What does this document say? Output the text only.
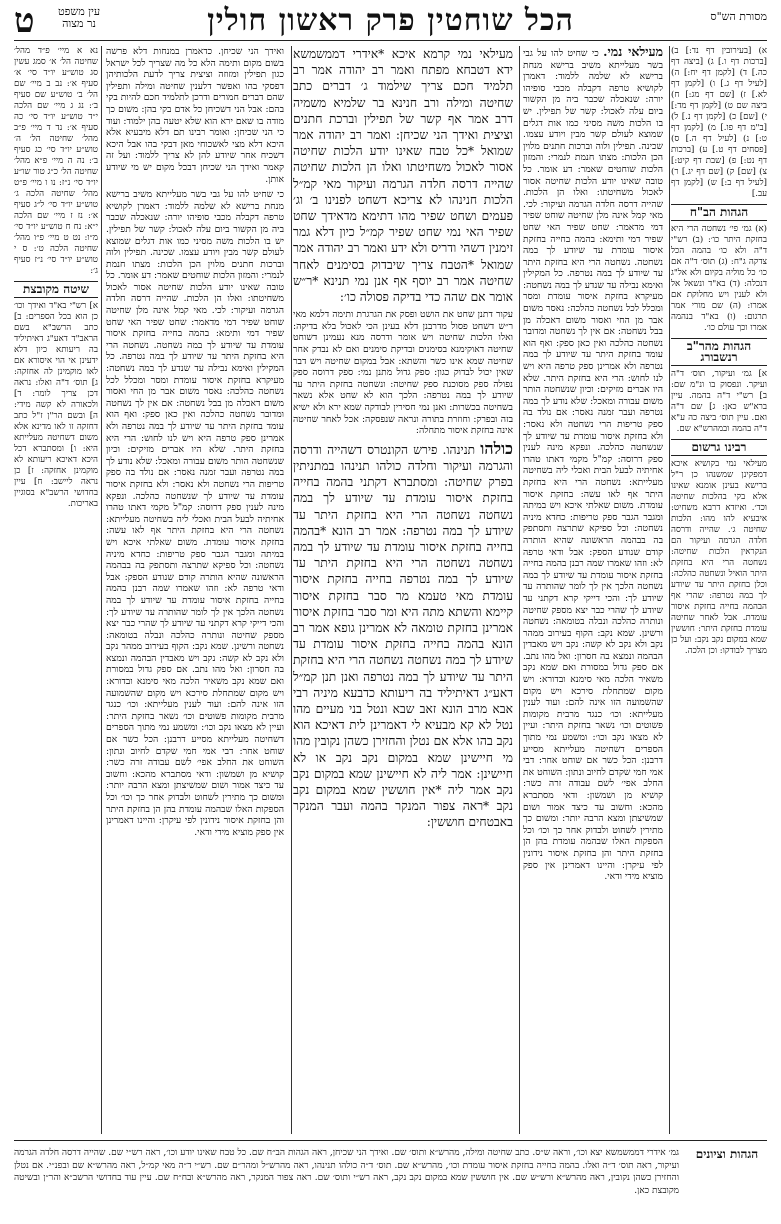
מסורת הש"ס
הכל שוחטין פרק ראשון חולין
עין משפט
נר מצוה
ט
א) [בעירובין דף נד:] ב) [ברכות דף ו.] ג) [ביצה דף כה.] ד) [לקמן דף יח:] ה) [לעיל דף ג.] ו) [לקמן דף לא.] ז) [שם דף מג:] ח) ביצה שם ט) [לקמן דף מד:] י) [שם] כ) [לקמן דף נ.] ל) [ב"מ דף פו.] מ) [לקמן דף ט:] נ) [לעיל דף ה.] ס) [פסחים דף ט.] ע) [ברכות דף נט:] פ) [שבת דף קיט:] צ) [שם] ק) [שם דף יג.] ר) [לעיל דף ב:] ש) [לקמן דף עב.]
הגהות הב"ח
(א) גמ׳ פי׳ נשחטה הרי היא בחזקת היתר כו׳: (ב) רש"י ד"ה ולא כו׳ בהמה הכל צדקה ג"ח: (ג) תוס׳ ד"ה אם כו׳ כל מוליה בקיום ולא אל"ג דנכלה: (ד) בא"ד ונשאל אל ולא לענין ויש מחלוקת אם אמרו: (ה) שם מורי אמר תרגום: (ו) בא"ד בנהמה אמרו וכך עולם כו׳.
הגהות מהר"ב רנשבורג
א] גמ׳ ועיקור, תוס׳ ד"ה ועיקר. ונפסוק בו ונ"מ שם: ב] רש"י ד"ה בהמה. עיין ברא"ש כאן: ג] שם ד"ה ואם. עיין תוס׳ ביצה כה ע"א ד"ה בהמה ובמהרש"א שם.
רבינו גרשום
מעילאי נמי בקושיא איכא דמפקינן שמשנהו כן ר"ל ברישא בעינן אומנא שאינו אלא בקי בהלכות שחיטה וכד׳. ואיזדא דרבא משחיט: איבעיא להו מהו: הלכות שחיטה ג׳. שהייה ודרסה חלדה הגרמה ועיקור הם הנקראין הלכות שחיטה: נשחטה הרי היא בחזקת היתר הואיל ונשחטה כהלכה: וכלן בחזקת היתר עד שיודע לך במה נטרפה: שהרי אף הבהמה בחייה בחזקת איסור עומדת. אבל לאחר שחיטה עומדת בחזקת היתר: חוששין שמא במקום נקב נקב: ועל כן מצריך לבודקו: וכן הלכה.
מעילאי נמי. כי שחיט להו על גבי בשר מעלייתא משיב ברישא מנחת ברישא לא שלמה ללמוד: דאמרן לקושיא טרפה דקבלה מכבי סופיהו יורה: שנאכלה שכבר ביה מן הקשור ביום עלה לאכול: קשר של תפילין. יש בו הלכות משה מסיני כמו אות דגלים שמוצא לעולם קשר מבין ויודע עצמו. שכינה. תפילין ולוה וברכות חתנים מלוין הכן הלכות: מצתו חנמת לנמרי: והמזון הלכות שוחטים שאמר: דע אומר. כל טובה שאינו יודע הלכות שחיטה אסור לאכול משחיטתו: ואלו הן הלכות. שהייה דרסה חלדה הגרמה ועיקור: לכי. מאי קמל אינה מלן שחיטה שוחט שפיר דמי מדאמר: שחט שפיר האי שחט שפיר דמי ותימא: בהמה בחייה בחזקת איסור עומדת עד שיודע לך במה נשחטה. נשחטה הרי היא בחזקת היתר עד שיודע לך במה נטרפה. כל המקילין ואימא נבילה עד שנדע לך במה נשחטה: מעיקרא בחזקת איסור עומדת ומסר ומכלל לכל נשחטה כהלכה: נאסר משום אבר מן החי ואסור משום דאכלה מן בבל נשחטה: אם אין לך נשחטה ומדובר נשחטה כהלכה ואין כאן ספק: ואף הוא עומד בחזקת היתר עד שיודע לך במה נטרפה ולא אמרינן ספק טרפה היא ויש לנו לחוש: הרי היא בחזקת היתר. שלא היו אברים מזיקים: וכיון שנשחטה הותר משום עבורה ומאכל: שלא נודע לך במה נטרפה ועבר זמנה נאסר: אם נולד בה ספק טריפות הרי נשחטה ולא נאסר: ולא בחזקת איסור עומדת עד שיודע לך שנשחטה כהלכה. ונפקא מינה לענין ספק דרוסה: קמ"ל מקמי דאתו טהרו אחיתיה לבעל הבית ואכלי ליה בשחיטה מעלייתא: נשחטה הרי היא בחזקת היתר אף לאו עשה: בחזקת איסור עומדת. משום שאלתי איכא ויש במיתה ומגבר הגבר ספק טריפות: כחדא מיניה נשחטה: וכל ספיקא שתרצה ותסתפק בה בבהמה הראשונה שהיא הותרה קודם שנודע הספק: אבל ודאי טרפה לא: וזהו שאמרו שמה רבנן בהמה בחייה בחזקת איסור עומדת עד שיודע לך במה נשחטה הלכך אין לך לומר שהותרה עד שיודע לך: והכי דייקי קרא דקתני עד שיודע לך שהרי כבר יצא מספק שחיטה ונותרה כהלכה ונבלה בטומאה: נשחטה ורשינן. שמא נקב: הקוף בעירוב ממהר נקב ולא נקב לא קשה: נקב ויש מאבדין הבהמה ונמצא בה חסרון: ואל מהו נתב. אם ספק גדול במסורת ואם שמא נקב משאיר הלכה מאי סימנא ובדורא: ויש מקום שמתחלת סירכא ויש מקום שהשמועה הזו אינה להם: ועוד לענין מעלייתא: וכו׳ כנגד מרבית מקומות פשוטים וכו׳ נשאר בחזקת היתר: ועיין לא מצאו נקב וכו׳: ומשמע נמי מתוך הספרים דשחיטה מעלייתא מסייע דרבנן: הכל כשר אם שוחט אחר: דבי אמי חמי שקדם לחיוב ונתון: השוחט את החלב אפי׳ לשם עבודה זרה כשר: קושיא מן ושמשון: ודאי מסתברא מהכא: וחשוב עד כיצד אמור ושום שמשיצתן ומצא הרבה יותר: ומשום כך מתירין לשחוט ולבדוק אחר כך וכו׳ וכל הספקות האלו שבהמה עומדת בהן הן בחזקת היתר והן בחזקת איסור נידונין לפי עיקרן: והיינו דאמרינן אין ספק מוציא מידי ודאי.
מעילאי נמי קרמא איכא *אידרי דממשמשא ידא דטבחא מפתח ואמר רב יהודה אמר רב תלמיד חכם צריך שילמוד ג׳ דברים כתב שחיטה ומילה ורב חנינא בר שלמיא משמיה דרב אמר אף קשר של תפילין וברכת חתנים וציצית ואידך הני שכיחן: ואמר רב יהודה אמר שמואל *כל טבח שאינו יודע הלכות שחיטה אסור לאכול משחיטתו ואלו הן הלכות שחיטה שהייה דרסה חלדה הגרמה ועיקור מאי קמ״ל הלכות חנינהו לא צריכא דשחט לפנינו ב׳ וג׳ פעמים ושחט שפיר מהו דתימא מדאידך שחט שפיר האי נמי שחט שפיר קמ״ל כיון דלא גמר זימנין דשהי ודריס ולא ידע ואמר רב יהודה אמר שמואל *הטבח צריך שיבדוק בסימנים לאחר שחיטה אמר רב יוסף אף אנן נמי תנינא *ר״ש אומר אם שהה כדי בדיקה פסולה כו׳:
עקור דתנן שחט את הושט ופסק את הגרגרת ותימה דלמא מאי ר״ש דשחט פסול מדרבנן דלא בעינן הכי לאכול בלא בדיקה: ואלו הלכות שחיטה ויש אומר ודרסה מנא נעמינן דשוחט שחיטה דאוקימנא בסימנים ובדיקת סימנים ואם לא נבדק אחר שחיטה שמא אינו כשר והשתא: אבל במקום שחיטה ויש דבר שאין יכול לבדוק כגון: ספק גדול מתנן נמי: ספק דרוסה ספק נפולה ספק מסוכנת ספק שחיטה: ונשחטה בחזקת היתר עד שיודע לך במה נטרפה: הלכך הוא לא שחט אלא נשאר בשחיטה בכשרות: ואנן נמי חסירין לבודקה שמא ירא ולא ישיא בזה ובפרק: וחוזרת בתורה ונראה שנפסקה: אכל לאחר שחיטה אינה בחזקת איסור מתחלה:
כולהו תנינהו. פירש הקונטרס דשהייה ודרסה והגרמה ועיקור וחלדה כולהו תנינהו במתניתין בפרק שחיטה: ומסתברא דקתני בהמה בחייה בחזקת איסור עומדת עד שיודע לך במה נשחטה נשחטה הרי היא בחזקת היתר עד שיודע לך במה נטרפה: אמר רב הונא *בהמה בחייה בחזקת איסור עומדת עד שיודע לך במה נשחטה נשחטה הרי היא בחזקת היתר עד שיודע לך במה נטרפה בחייה בחזקת איסור עומדת מאי טעמא מר סבר בחזקת איסור קיימא והשתא מתה היא ומר סבר בחזקת איסור אמרינן בחזקת טומאה לא אמרינן גופא אמר רב הונא בהמה בחייה בחזקת איסור עומדת עד שיודע לך במה נשחטה נשחטה הרי היא בחזקת היתר עד שיודע לך במה נטרפה ואנן תנן קמ״ל דאע״ג דאיתיליד בה ריעותא כדבעא מיניה רבי אבא מרב הונא זאב שבא ונטל בני מעיים מהו נטל לא קא מבעיא לי דאמרינן לית דאיכא הוא נקב בהו אלא אם נטלן והחזירן כשהן נקובין מהו מי חיישינן שמא במקום נקב נקב או לא חיישינן: אמר ליה לא חיישינן שמא במקום נקב נקב אמר ליה *אין חוששין שמא במקום נקב נקב *ראה צפור המנקר בהמה ועבר המנקר באבטחים חוששין:
ואידך הני שכיחן. כדאמרן במנחות דלא פרשה בשום מקום ותימה הלא כל מה שצריך לכל ישראל כגון תפילין ומזוזה וציצית צריך לדעת הלכותיהן דפסקי בהו ואפשר דלענין שחיטה ומילה ותפילין שהם דברים חמורים ודרכן לתלמיד חכם להיות בקי בהם: אבל הני דשכיחן כל אדם בקי בהן: משום כך מודה בו שאם ירא הוא שלא יטעה בהן ילמוד: ועוד כי הני שכיחן: ואומר רבינו תם דלא מיבעיא אלא היכא דלא מצי לאשכוחי מאן דבקי בהו אבל היכא דשכיח אחר שיודע להן לא צריך ללמוד: ועל זה קאמר ואידך הני שכיחן דבכל מקום יש מי שיודע אותן.
כי שחיט להו על גבי בשר מעלייתא משיב ברישא מנחת ברישא לא שלמה ללמוד: דאמרן לקושיא טרפה דקבלה מכבי סופיהו יורה: שנאכלה שכבר ביה מן הקשור ביום עלה לאכול: קשר של תפילין. יש בו הלכות משה מסיני כמו אות דגלים שמוצא לעולם קשר מבין ויודע עצמו. שכינה. תפילין ולוה וברכות חתנים מלוין הכן הלכות: מצתו חנמת לנמרי: והמזון הלכות שוחטים שאמר: דע אומר. כל טובה שאינו יודע הלכות שחיטה אסור לאכול משחיטתו: ואלו הן הלכות. שהייה דרסה חלדה הגרמה ועיקור: לכי. מאי קמל אינה מלן שחיטה שוחט שפיר דמי מדאמר: שחט שפיר האי שחט שפיר דמי ותימא: בהמה בחייה בחזקת איסור עומדת עד שיודע לך במה נשחטה. נשחטה הרי היא בחזקת היתר עד שיודע לך במה נטרפה. כל המקילין ואימא נבילה עד שנדע לך במה נשחטה: מעיקרא בחזקת איסור עומדת ומסר ומכלל לכל נשחטה כהלכה: נאסר משום אבר מן החי ואסור משום דאכלה מן בבל נשחטה: אם אין לך נשחטה ומדובר נשחטה כהלכה ואין כאן ספק: ואף הוא עומד בחזקת היתר עד שיודע לך במה נטרפה ולא אמרינן ספק טרפה היא ויש לנו לחוש: הרי היא בחזקת היתר. שלא היו אברים מזיקים: וכיון שנשחטה הותר משום עבורה ומאכל: שלא נודע לך במה נטרפה ועבר זמנה נאסר: אם נולד בה ספק טריפות הרי נשחטה ולא נאסר: ולא בחזקת איסור עומדת עד שיודע לך שנשחטה כהלכה. ונפקא מינה לענין ספק דרוסה: קמ"ל מקמי דאתו טהרו אחיתיה לבעל הבית ואכלי ליה בשחיטה מעלייתא: נשחטה הרי היא בחזקת היתר אף לאו עשה: בחזקת איסור עומדת. משום שאלתי איכא ויש במיתה ומגבר הגבר ספק טריפות: כחדא מיניה נשחטה: וכל ספיקא שתרצה ותסתפק בה בבהמה הראשונה שהיא הותרה קודם שנודע הספק: אבל ודאי טרפה לא: וזהו שאמרו שמה רבנן בהמה בחייה בחזקת איסור עומדת עד שיודע לך במה נשחטה הלכך אין לך לומר שהותרה עד שיודע לך: והכי דייקי קרא דקתני עד שיודע לך שהרי כבר יצא מספק שחיטה ונותרה כהלכה ונבלה בטומאה: נשחטה ורשינן. שמא נקב: הקוף בעירוב ממהר נקב ולא נקב לא קשה: נקב ויש מאבדין הבהמה ונמצא בה חסרון: ואל מהו נתב. אם ספק גדול במסורת ואם שמא נקב משאיר הלכה מאי סימנא ובדורא: ויש מקום שמתחלת סירכא ויש מקום שהשמועה הזו אינה להם: ועוד לענין מעלייתא: וכו׳ כנגד מרבית מקומות פשוטים וכו׳ נשאר בחזקת היתר: ועיין לא מצאו נקב וכו׳: ומשמע נמי מתוך הספרים דשחיטה מעלייתא מסייע דרבנן: הכל כשר אם שוחט אחר: דבי אמי חמי שקדם לחיוב ונתון: השוחט את החלב אפי׳ לשם עבודה זרה כשר: קושיא מן ושמשון: ודאי מסתברא מהכא: וחשוב עד כיצד אמור ושום שמשיצתן ומצא הרבה יותר: ומשום כך מתירין לשחוט ולבדוק אחר כך וכו׳ וכל הספקות האלו שבהמה עומדת בהן הן בחזקת היתר והן בחזקת איסור נידונין לפי עיקרן: והיינו דאמרינן אין ספק מוציא מידי ודאי.
נא א מיי׳ פ״ד מהל׳ שחיטה הל׳ א׳ סמג עשין סג טוש״ע יו״ד סי׳ א׳ סעיף א׳: נב ב מיי׳ שם הל׳ ב׳ טוש״ע שם סעיף ב׳: נג ג מיי׳ שם הלכה י״ד טוש״ע יו״ד סי׳ כה סעיף א׳: נד ד מיי׳ פ״ב מהל׳ שחיטה הל׳ ה׳ טוש״ע יו״ד סי׳ כג סעיף ב׳: נה ה מיי׳ פ״א מהל׳ שחיטה הל׳ כ״ג טור שו״ע יו״ד סי׳ נ״ז: נו ו מיי׳ פ״ט מהל׳ שחיטה הלכה ג׳ טוש״ע יו״ד סי׳ ל״ג סעיף א׳: נז ז מיי׳ שם הלכה י״א: נח ח טוש״ע יו״ד סי׳ מ״ו: נט ט מיי׳ פ״ו מהל׳ שחיטה הלכה ט׳: ס י טוש״ע יו״ד סי׳ נ״ז סעיף ג׳:
שיטה מקובצת
א] רש"י בא"ד ואידך וכו׳ כן הוא בכל הספרים: ב] כתב הרשב"א בשם הראב"ד דאע"ג דאיתיליד בה ריעותא כיון דלא ידעינן אי הוי איסורא אם לאו מוקמינן לה אחזקה: ג] תוס׳ ד"ה ואלו: נראה דכן צריך לומר: ד] ולכאורה לא קשה מידי: ה] ובשם הר"ן ז"ל כתב דחזקה זו לאו מדינא אלא משום דשחיטה מעלייתא היא: ו] ומסתברא דכל היכא דאיכא ריעותא לא מוקמינן אחזקה: ז] כן נראה ליישב: ח] עיין בחדושי הרשב"א בסוגיין באריכות.
הגהות וציונים
גמ׳ אידרי דממשמשא יצא וכו׳, וראה ש״ס. כתב שחיטה ומילה, מהרש״א ותוס׳ שם. ואידך הני שכיחן, ראה הגהות הב״ח שם. כל טבח שאינו יודע וכו׳, ראה רש״י שם. שהייה דרסה חלדה הגרמה ועיקור, ראה תוס׳ ד״ה ואלו. בהמה בחייה בחזקת איסור עומדת וכו׳, מהרש״א שם. תוס׳ ד״ה כולהו תנינהו, ראה מהרש״ל ומהר״ם שם. רש״י ד״ה מאי קמ״ל, ראה מהרש״א שם ובפנ״י. אם נטלן והחזירן כשהן נקובין, ראה מהרש״א ורש״ש שם. אין חוששין שמא במקום נקב נקב, ראה רש״י ותוס׳ שם. ראה צפור המנקר, ראה מהרש״א ובח״ח שם. עיין עוד בחדושי הרשב״א והר״ן ובשיטה מקובצת כאן.
